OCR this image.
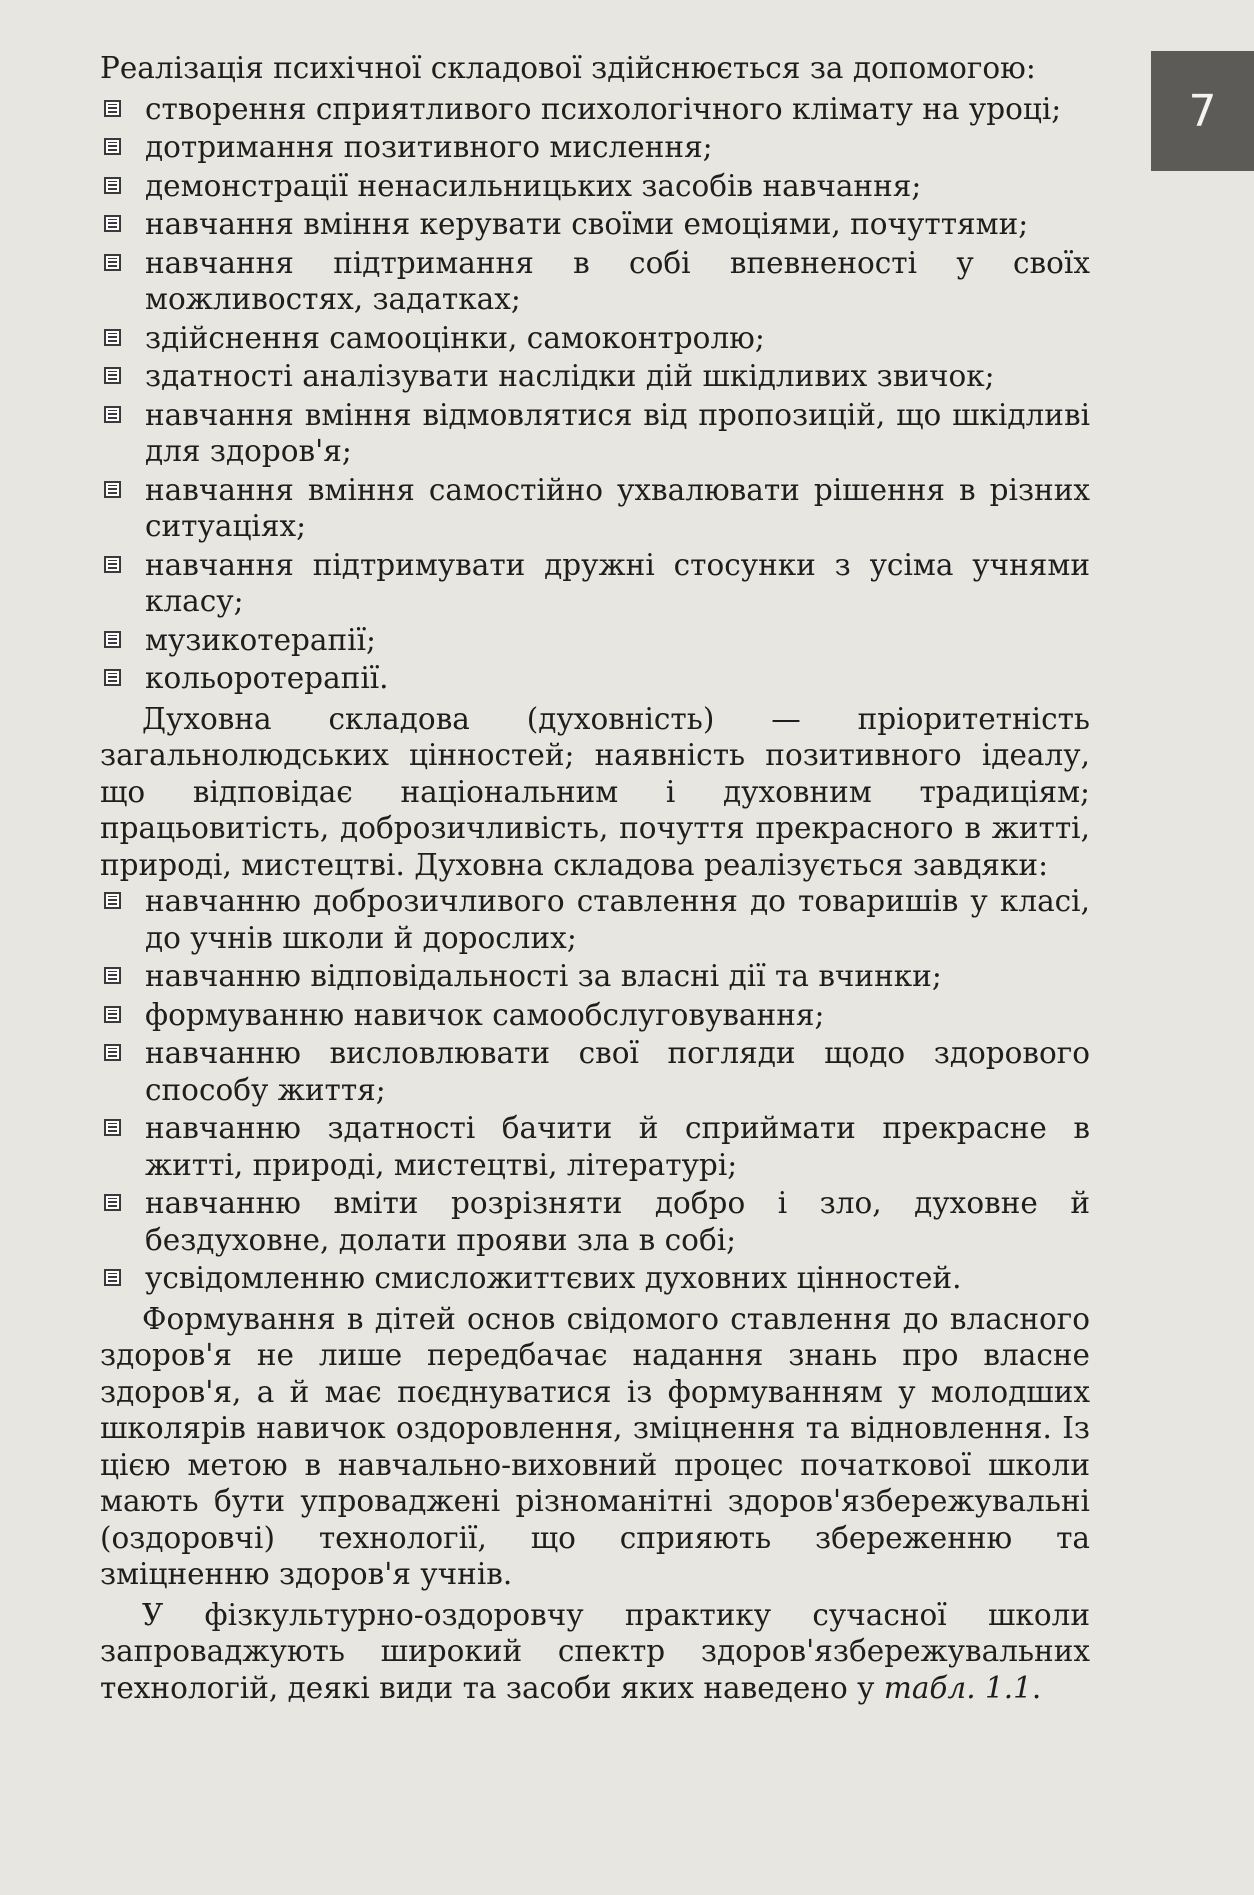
7

Реалізація психічної складової здійснюється за допомогою:

створення сприятливого психологічного клімату на уроці;
дотримання позитивного мислення;
демонстрації ненасильницьких засобів навчання;
навчання вміння керувати своїми емоціями, почуттями;
навчання підтримання в собі впевненості у своїх можливостях, задатках;
здійснення самооцінки, самоконтролю;
здатності аналізувати наслідки дій шкідливих звичок;
навчання вміння відмовлятися від пропозицій, що шкідливі для здоров'я;
навчання вміння самостійно ухвалювати рішення в різних ситуаціях;
навчання підтримувати дружні стосунки з усіма учнями класу;
музикотерапії;
кольоротерапії.

Духовна складова (духовність) — пріоритетність загальнолюдських цінностей; наявність позитивного ідеалу, що відповідає національним і духовним традиціям; працьовитість, доброзичливість, почуття прекрасного в житті, природі, мистецтві. Духовна складова реалізується завдяки:

навчанню доброзичливого ставлення до товаришів у класі, до учнів школи й дорослих;
навчанню відповідальності за власні дії та вчинки;
формуванню навичок самообслуговування;
навчанню висловлювати свої погляди щодо здорового способу життя;
навчанню здатності бачити й сприймати прекрасне в житті, природі, мистецтві, літературі;
навчанню вміти розрізняти добро і зло, духовне й бездуховне, долати прояви зла в собі;
усвідомленню смисложиттєвих духовних цінностей.

Формування в дітей основ свідомого ставлення до власного здоров'я не лише передбачає надання знань про власне здоров'я, а й має поєднуватися із формуванням у молодших школярів навичок оздоровлення, зміцнення та відновлення. Із цією метою в навчально-виховний процес початкової школи мають бути упроваджені різноманітні здоров'язбережувальні (оздоровчі) технології, що сприяють збереженню та зміцненню здоров'я учнів.

У фізкультурно-оздоровчу практику сучасної школи запроваджують широкий спектр здоров'язбережувальних технологій, деякі види та засоби яких наведено у табл. 1.1.
